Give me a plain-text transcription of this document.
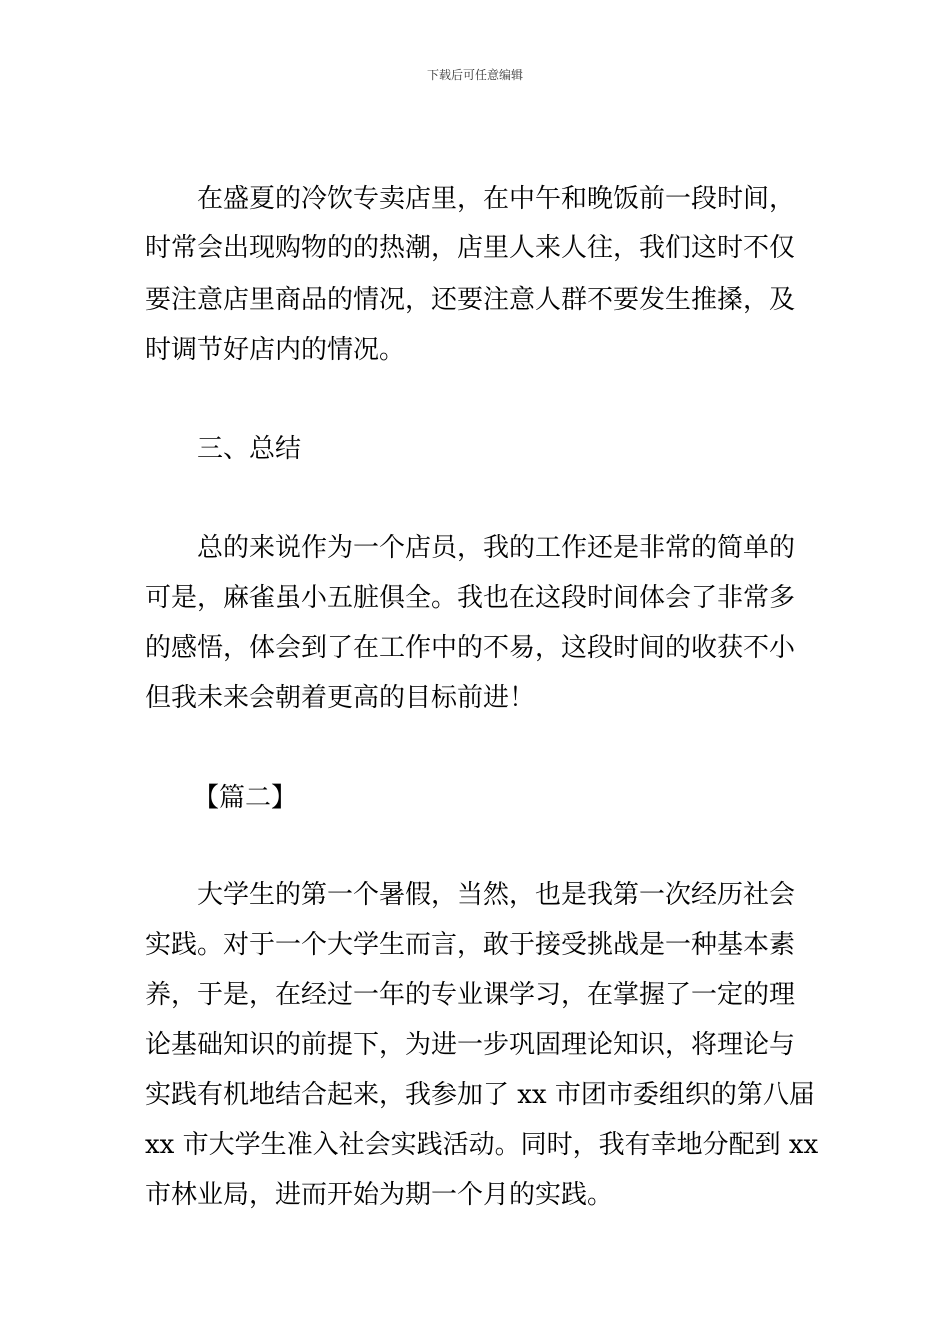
下载后可任意编辑
在盛夏的冷饮专卖店里，在中午和晚饭前一段时间，
时常会出现购物的的热潮，店里人来人往，我们这时不仅
要注意店里商品的情况，还要注意人群不要发生推搡，及
时调节好店内的情况。
三、总结
总的来说作为一个店员，我的工作还是非常的简单的
可是，麻雀虽小五脏俱全。我也在这段时间体会了非常多
的感悟，体会到了在工作中的不易，这段时间的收获不小
但我未来会朝着更高的目标前进！
【篇二】
大学生的第一个暑假，当然，也是我第一次经历社会
实践。对于一个大学生而言，敢于接受挑战是一种基本素
养，于是，在经过一年的专业课学习，在掌握了一定的理
论基础知识的前提下，为进一步巩固理论知识，将理论与
实践有机地结合起来，我参加了 xx 市团市委组织的第八届
xx 市大学生准入社会实践活动。同时，我有幸地分配到 xx
市林业局，进而开始为期一个月的实践。
